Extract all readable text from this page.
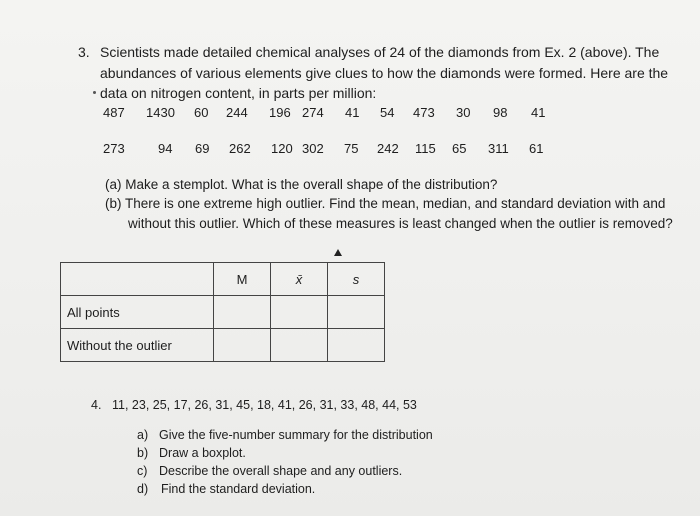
3. Scientists made detailed chemical analyses of 24 of the diamonds from Ex. 2 (above). The
abundances of various elements give clues to how the diamonds were formed. Here are the
data on nitrogen content, in parts per million:
487 1430 60 244 196 274 41 54 473 30 98 41
273	94 69 262 120 302 75 242 115 65 311 61
(a) Make a stemplot. What is the overall shape of the distribution?
(b) There is one extreme high outlier. Find the mean, median, and standard deviation with and
without this outlier. Which of these measures is least changed when the outlier is removed?
	M	x̄	s
All points			
Without the outlier			
4. 11, 23, 25, 17, 26, 31, 45, 18, 41, 26, 31, 33, 48, 44, 53
a) Give the five-number summary for the distribution
b) Draw a boxplot.
c) Describe the overall shape and any outliers.
d) Find the standard deviation.
